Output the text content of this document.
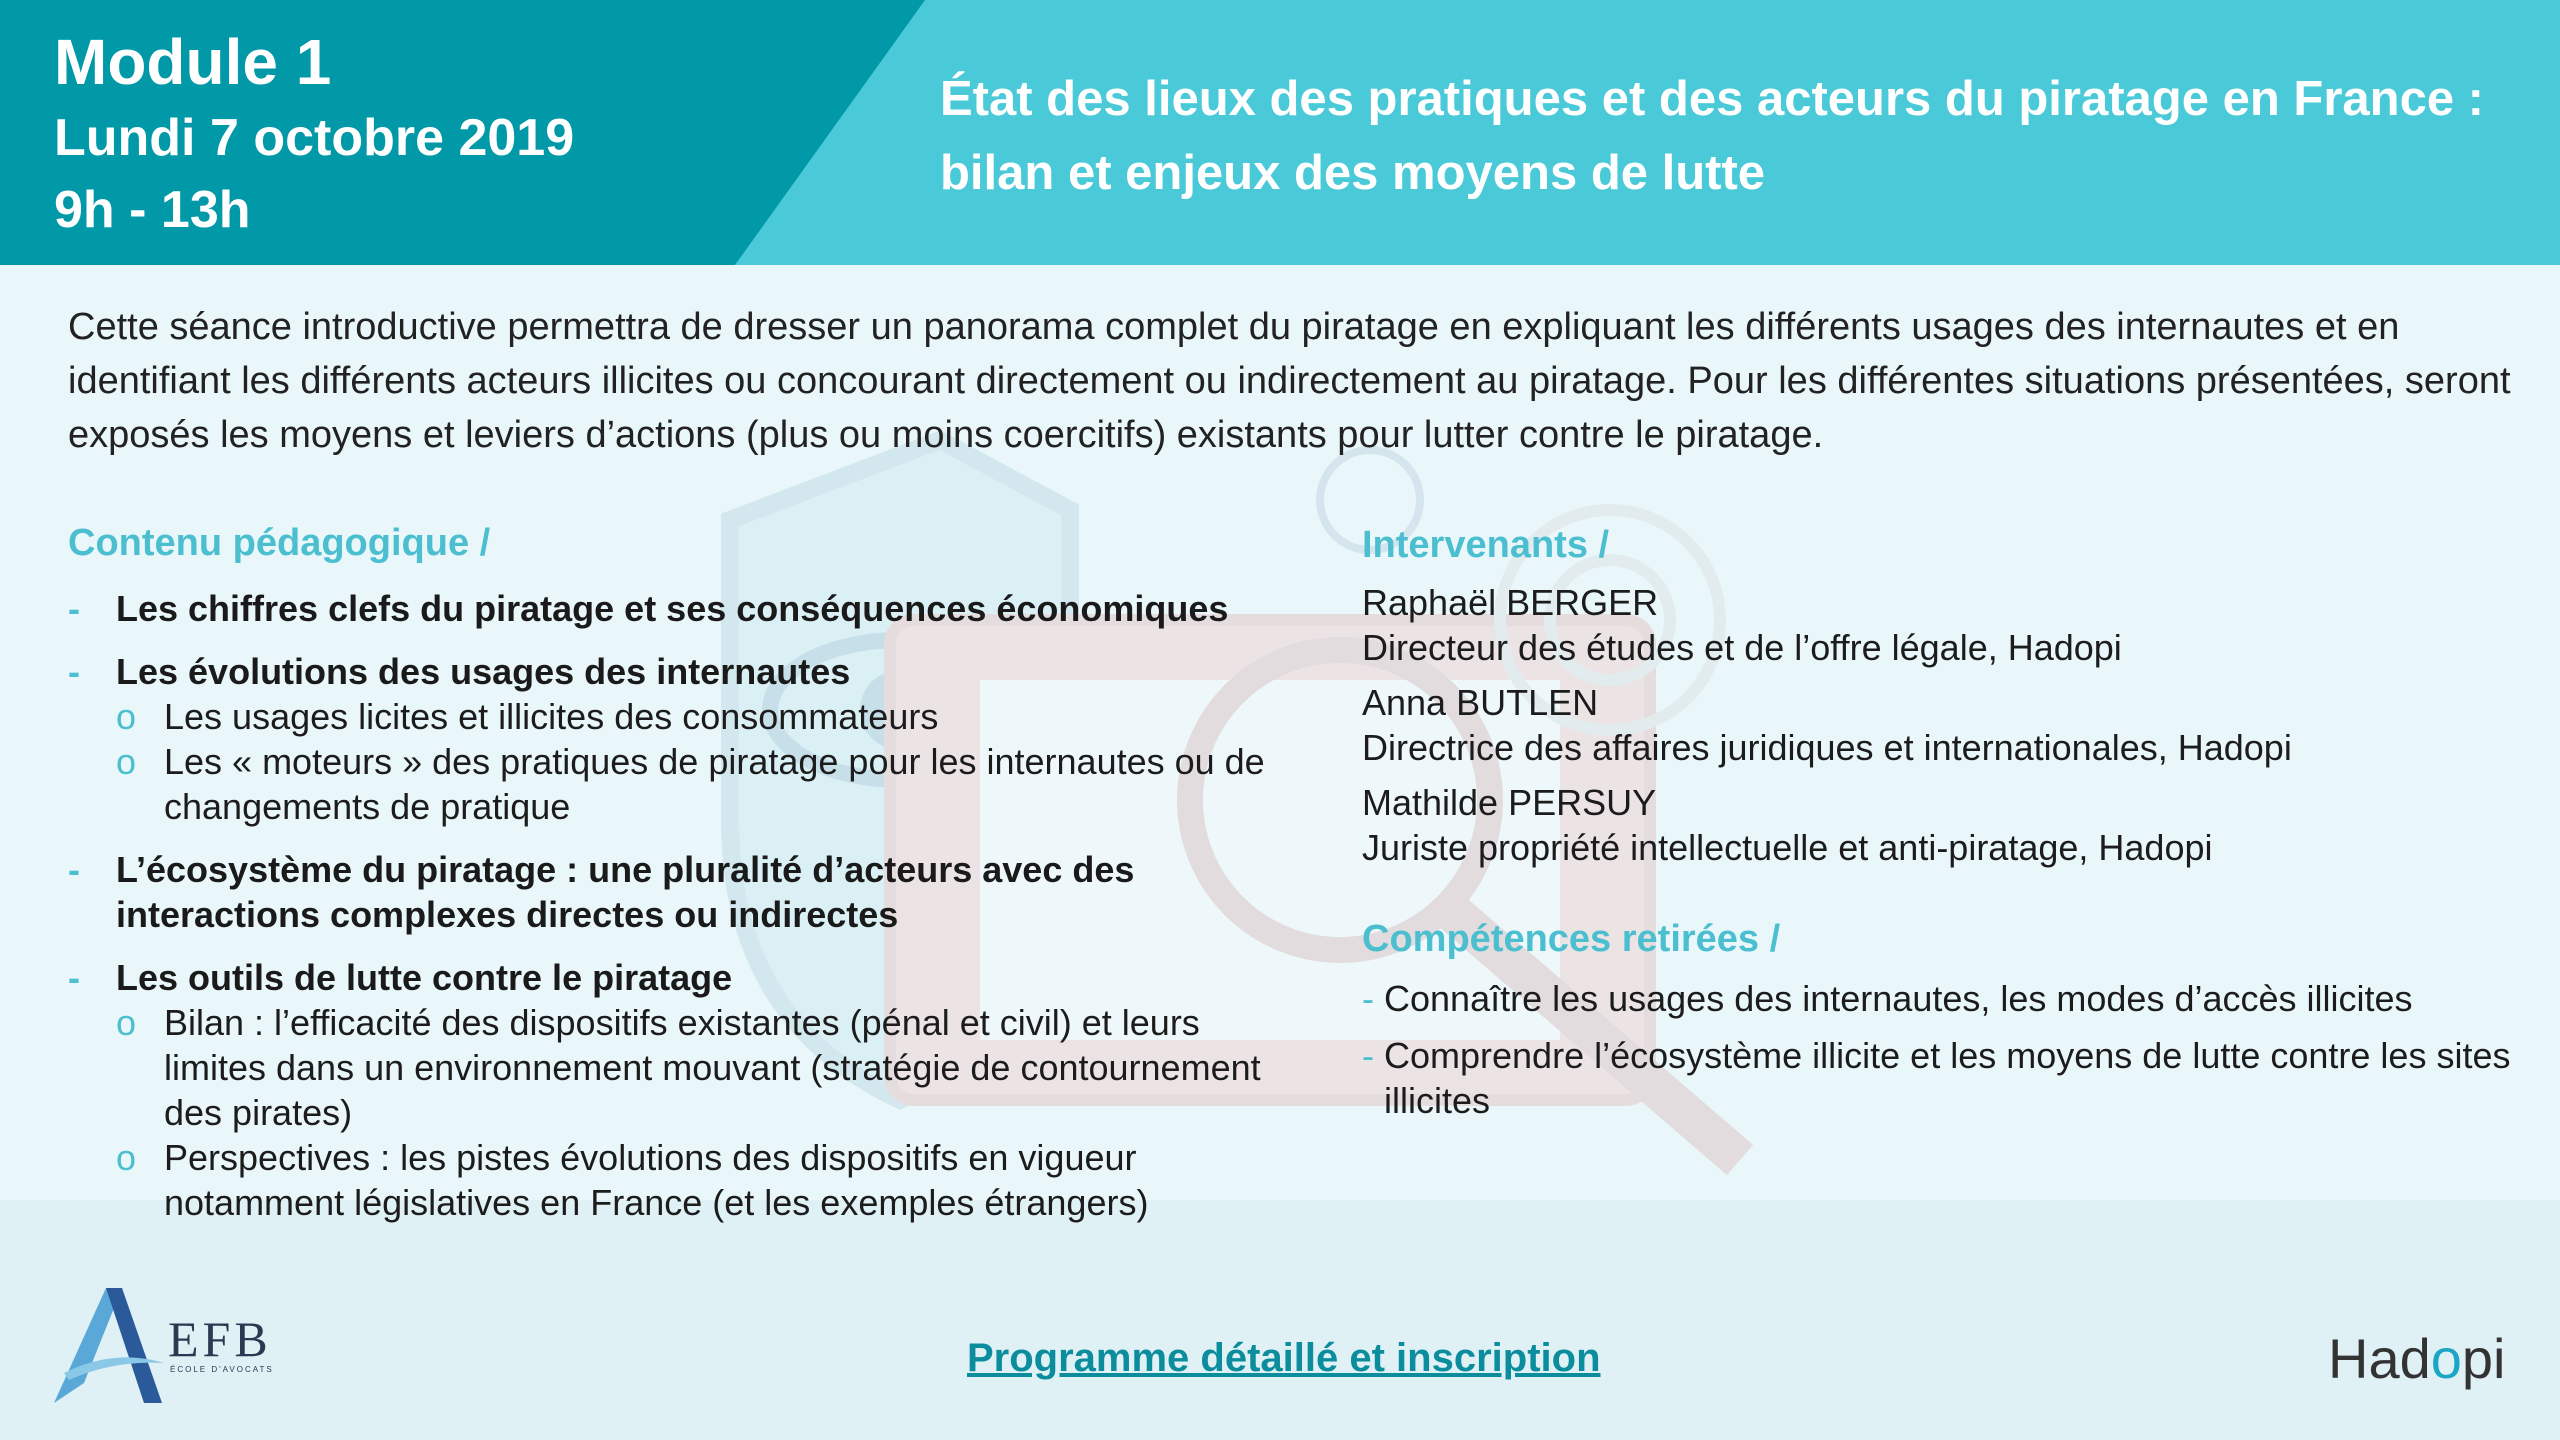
Module 1
Lundi 7 octobre 2019
9h - 13h
État des lieux des pratiques et des acteurs du piratage en France :
bilan et enjeux des moyens de lutte
Cette séance introductive permettra de dresser un panorama complet du piratage en expliquant les différents usages des internautes et en identifiant les différents acteurs illicites ou concourant directement ou indirectement au piratage. Pour les différentes situations présentées, seront exposés les moyens et leviers d’actions (plus ou moins coercitifs) existants pour lutter contre le piratage.
Contenu pédagogique /
- Les chiffres clefs du piratage et ses conséquences économiques
- Les évolutions des usages des internautes
o Les usages licites et illicites des consommateurs
o Les « moteurs » des pratiques de piratage pour les internautes ou de changements de pratique
- L’écosystème du piratage : une pluralité d’acteurs avec des interactions complexes directes ou indirectes
- Les outils de lutte contre le piratage
o Bilan : l’efficacité des dispositifs existantes (pénal et civil) et leurs limites dans un environnement mouvant (stratégie de contournement des pirates)
o Perspectives : les pistes évolutions des dispositifs en vigueur notamment législatives en France (et les exemples étrangers)
Intervenants /
Raphaël BERGER
Directeur des études et de l’offre légale, Hadopi
Anna BUTLEN
Directrice des affaires juridiques et internationales, Hadopi
Mathilde PERSUY
Juriste propriété intellectuelle et anti-piratage, Hadopi
Compétences retirées /
- Connaître les usages des internautes, les modes d’accès illicites
- Comprendre l’écosystème illicite et les moyens de lutte contre les sites illicites
EFB
ÉCOLE D'AVOCATS	Programme détaillé et inscription	Hadopi
